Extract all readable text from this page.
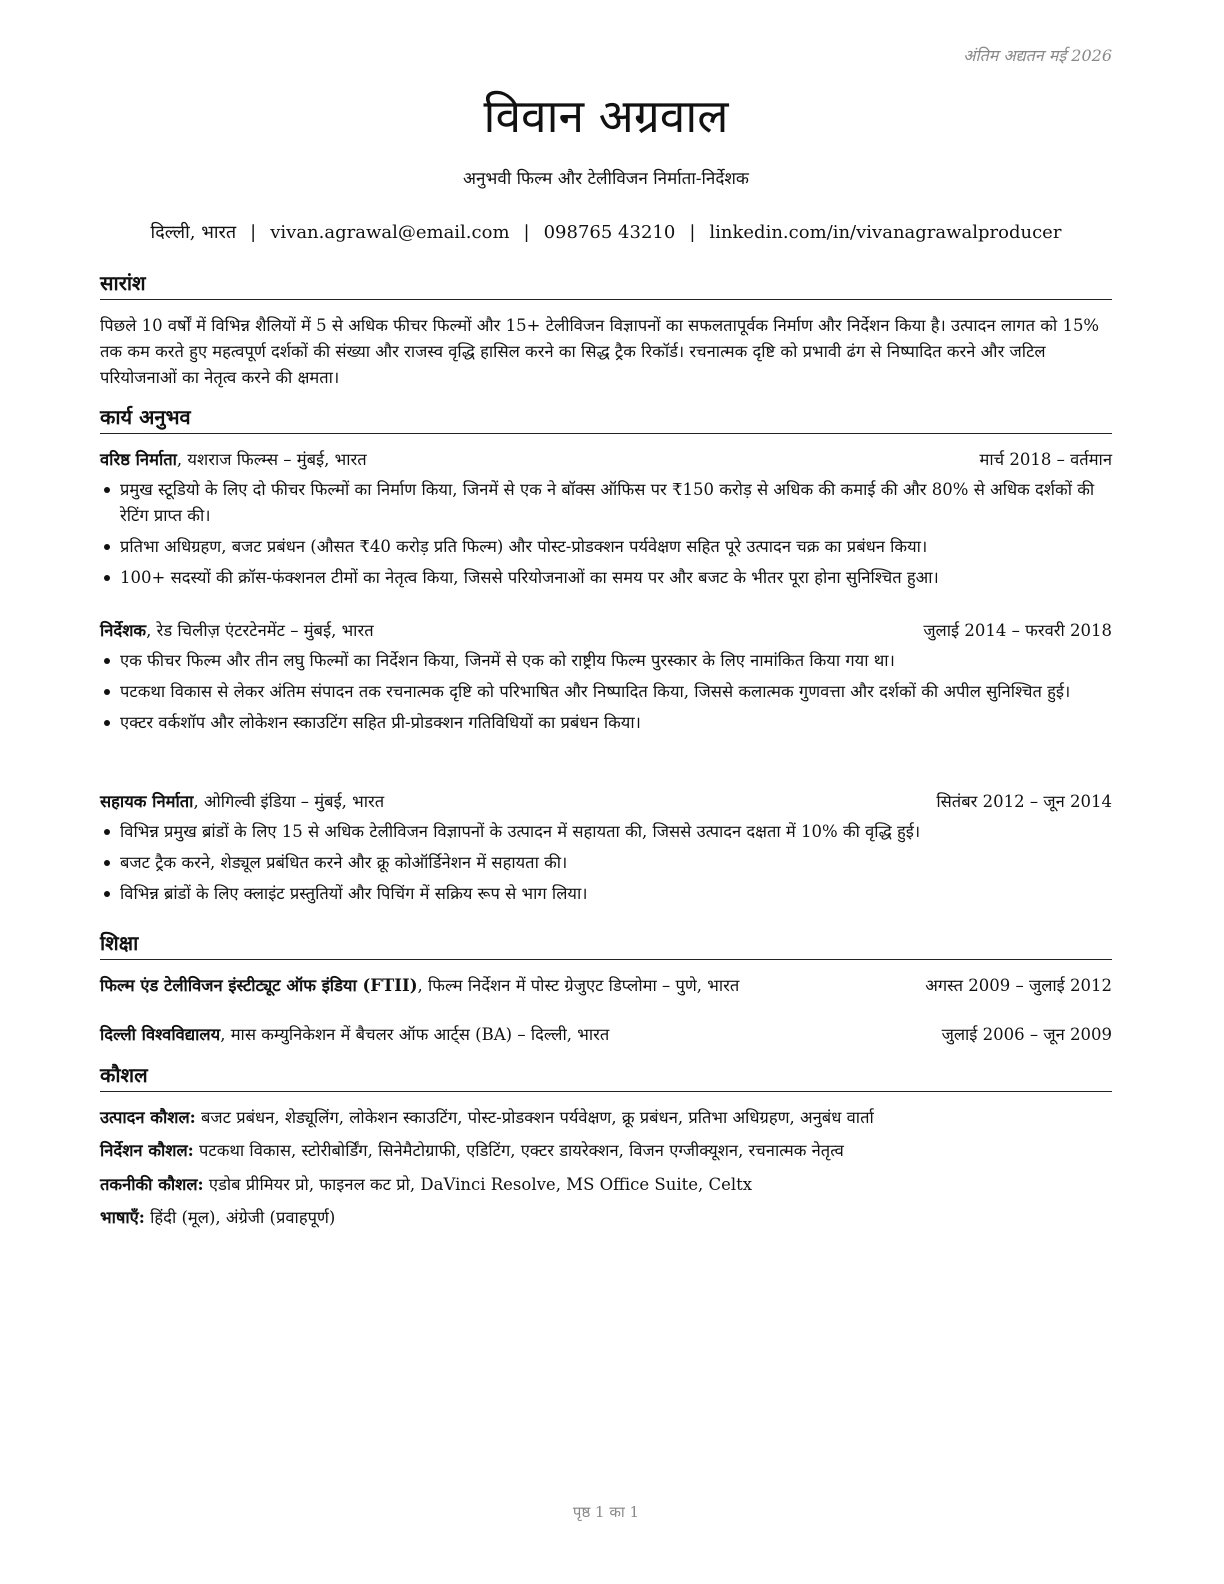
अंतिम अद्यतन मई 2026
विवान अग्रवाल
अनुभवी फिल्म और टेलीविजन निर्माता-निर्देशक
दिल्ली, भारत | vivan.agrawal@email.com | 098765 43210 | linkedin.com/in/vivanagrawalproducer
सारांश
पिछले 10 वर्षों में विभिन्न शैलियों में 5 से अधिक फीचर फिल्मों और 15+ टेलीविजन विज्ञापनों का सफलतापूर्वक निर्माण और निर्देशन किया है। उत्पादन लागत को 15% तक कम करते हुए महत्वपूर्ण दर्शकों की संख्या और राजस्व वृद्धि हासिल करने का सिद्ध ट्रैक रिकॉर्ड। रचनात्मक दृष्टि को प्रभावी ढंग से निष्पादित करने और जटिल परियोजनाओं का नेतृत्व करने की क्षमता।
कार्य अनुभव
वरिष्ठ निर्माता, यशराज फिल्म्स – मुंबई, भारत	मार्च 2018 – वर्तमान
प्रमुख स्टूडियो के लिए दो फीचर फिल्मों का निर्माण किया, जिनमें से एक ने बॉक्स ऑफिस पर ₹150 करोड़ से अधिक की कमाई की और 80% से अधिक दर्शकों की रेटिंग प्राप्त की।
प्रतिभा अधिग्रहण, बजट प्रबंधन (औसत ₹40 करोड़ प्रति फिल्म) और पोस्ट-प्रोडक्शन पर्यवेक्षण सहित पूरे उत्पादन चक्र का प्रबंधन किया।
100+ सदस्यों की क्रॉस-फंक्शनल टीमों का नेतृत्व किया, जिससे परियोजनाओं का समय पर और बजट के भीतर पूरा होना सुनिश्चित हुआ।
निर्देशक, रेड चिलीज़ एंटरटेनमेंट – मुंबई, भारत	जुलाई 2014 – फरवरी 2018
एक फीचर फिल्म और तीन लघु फिल्मों का निर्देशन किया, जिनमें से एक को राष्ट्रीय फिल्म पुरस्कार के लिए नामांकित किया गया था।
पटकथा विकास से लेकर अंतिम संपादन तक रचनात्मक दृष्टि को परिभाषित और निष्पादित किया, जिससे कलात्मक गुणवत्ता और दर्शकों की अपील सुनिश्चित हुई।
एक्टर वर्कशॉप और लोकेशन स्काउटिंग सहित प्री-प्रोडक्शन गतिविधियों का प्रबंधन किया।
सहायक निर्माता, ओगिल्वी इंडिया – मुंबई, भारत	सितंबर 2012 – जून 2014
विभिन्न प्रमुख ब्रांडों के लिए 15 से अधिक टेलीविजन विज्ञापनों के उत्पादन में सहायता की, जिससे उत्पादन दक्षता में 10% की वृद्धि हुई।
बजट ट्रैक करने, शेड्यूल प्रबंधित करने और क्रू कोऑर्डिनेशन में सहायता की।
विभिन्न ब्रांडों के लिए क्लाइंट प्रस्तुतियों और पिचिंग में सक्रिय रूप से भाग लिया।
शिक्षा
फिल्म एंड टेलीविजन इंस्टीट्यूट ऑफ इंडिया (FTII), फिल्म निर्देशन में पोस्ट ग्रेजुएट डिप्लोमा – पुणे, भारत	अगस्त 2009 – जुलाई 2012
दिल्ली विश्वविद्यालय, मास कम्युनिकेशन में बैचलर ऑफ आर्ट्स (BA) – दिल्ली, भारत	जुलाई 2006 – जून 2009
कौशल
उत्पादन कौशल: बजट प्रबंधन, शेड्यूलिंग, लोकेशन स्काउटिंग, पोस्ट-प्रोडक्शन पर्यवेक्षण, क्रू प्रबंधन, प्रतिभा अधिग्रहण, अनुबंध वार्ता
निर्देशन कौशल: पटकथा विकास, स्टोरीबोर्डिंग, सिनेमैटोग्राफी, एडिटिंग, एक्टर डायरेक्शन, विजन एग्जीक्यूशन, रचनात्मक नेतृत्व
तकनीकी कौशल: एडोब प्रीमियर प्रो, फाइनल कट प्रो, DaVinci Resolve, MS Office Suite, Celtx
भाषाएँ: हिंदी (मूल), अंग्रेजी (प्रवाहपूर्ण)
पृष्ठ 1 का 1
